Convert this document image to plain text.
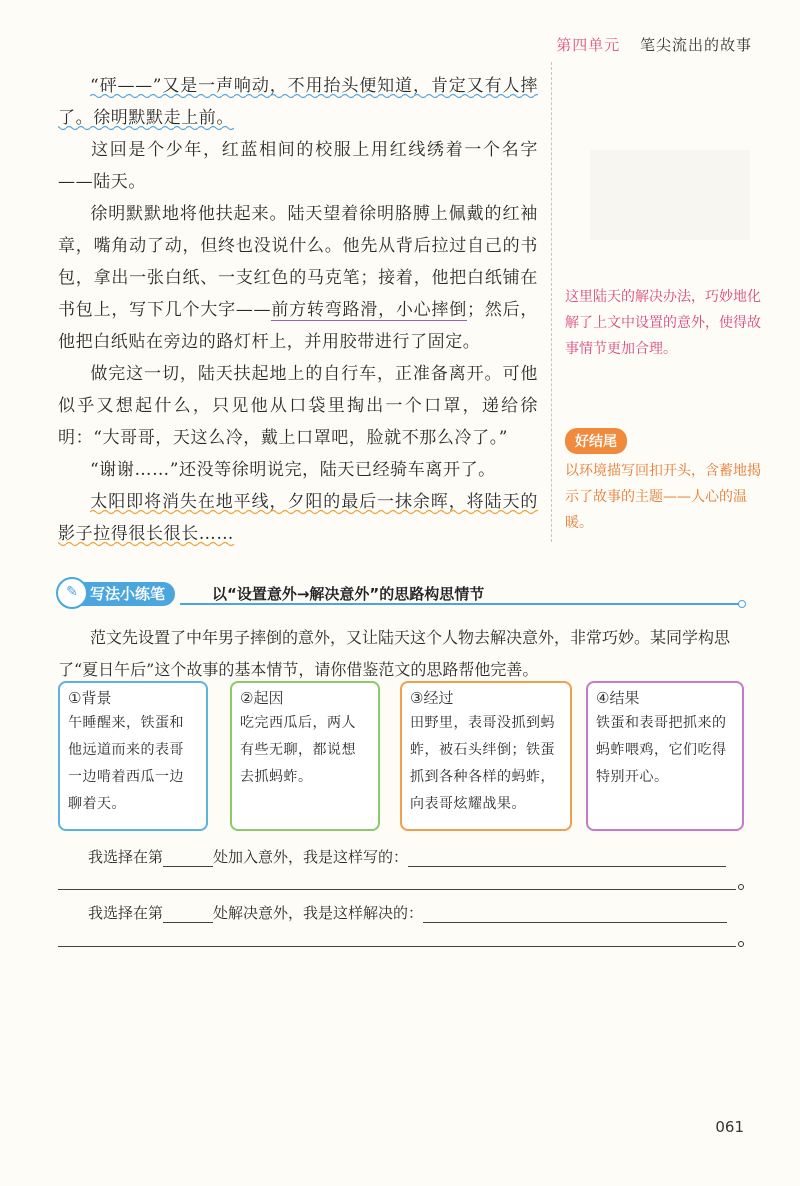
第四单元 笔尖流出的故事

“砰——”又是一声响动，不用抬头便知道，肯定又有人摔了。徐明默默走上前。

这回是个少年，红蓝相间的校服上用红线绣着一个名字——陆天。

徐明默默地将他扶起来。陆天望着徐明胳膊上佩戴的红袖章，嘴角动了动，但终也没说什么。他先从背后拉过自己的书包，拿出一张白纸、一支红色的马克笔；接着，他把白纸铺在书包上，写下几个大字——前方转弯路滑，小心摔倒；然后，他把白纸贴在旁边的路灯杆上，并用胶带进行了固定。

做完这一切，陆天扶起地上的自行车，正准备离开。可他似乎又想起什么，只见他从口袋里掏出一个口罩，递给徐明：“大哥哥，天这么冷，戴上口罩吧，脸就不那么冷了。”

“谢谢……”还没等徐明说完，陆天已经骑车离开了。

太阳即将消失在地平线，夕阳的最后一抹余晖，将陆天的影子拉得很长很长……

这里陆天的解决办法，巧妙地化解了上文中设置的意外，使得故事情节更加合理。

好结尾

以环境描写回扣开头，含蓄地揭示了故事的主题——人心的温暖。

写法小练笔
✎	以“设置意外→解决意外”的思路构思情节

范文先设置了中年男子摔倒的意外，又让陆天这个人物去解决意外，非常巧妙。某同学构思了“夏日午后”这个故事的基本情节，请你借鉴范文的思路帮他完善。

①背景

午睡醒来，铁蛋和他远道而来的表哥一边啃着西瓜一边聊着天。

②起因

吃完西瓜后，两人有些无聊，都说想去抓蚂蚱。

③经过

田野里，表哥没抓到蚂蚱，被石头绊倒；铁蛋抓到各种各样的蚂蚱，向表哥炫耀战果。

④结果

铁蛋和表哥把抓来的蚂蚱喂鸡，它们吃得特别开心。

我选择在第	处加入意外，我是这样写的：
我选择在第	处解决意外，我是这样解决的：
061
